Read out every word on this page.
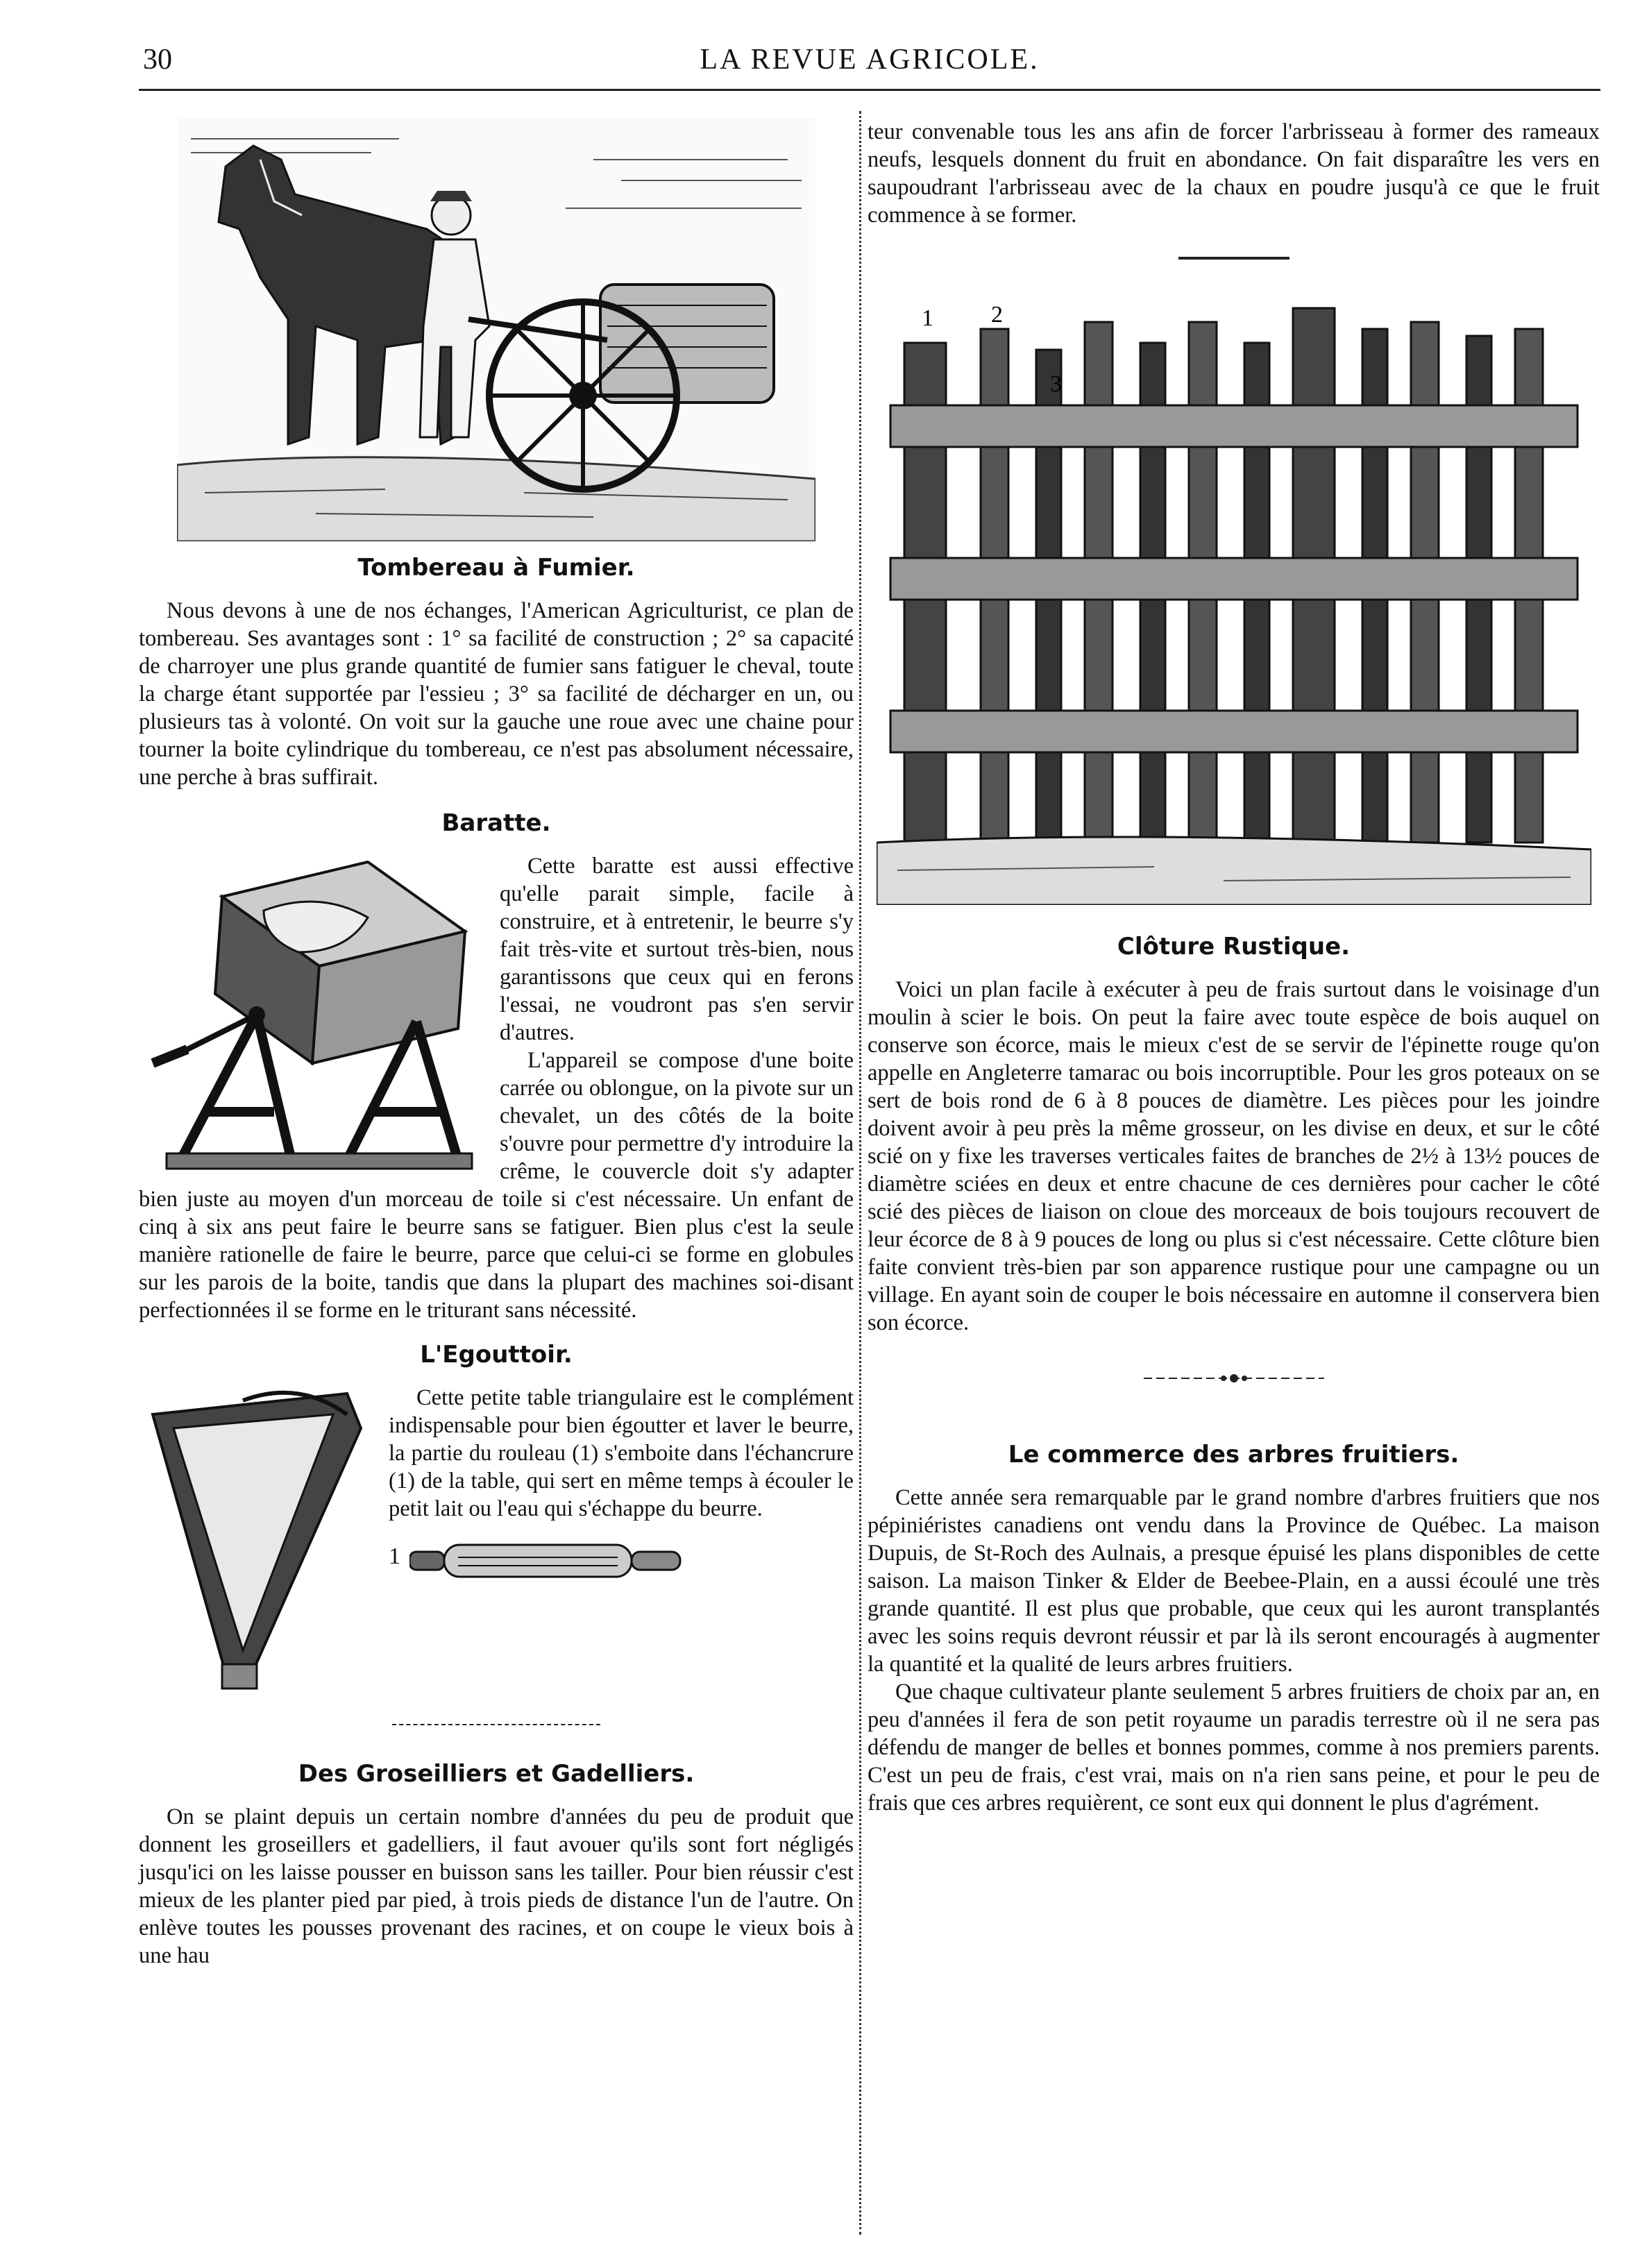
30	LA REVUE AGRICOLE.
Tombereau à Fumier.

Nous devons à une de nos échanges, l'American Agriculturist, ce plan de tombereau. Ses avantages sont : 1° sa facilité de construction ; 2° sa capacité de charroyer une plus grande quantité de fumier sans fatiguer le cheval, toute la charge étant supportée par l'essieu ; 3° sa facilité de décharger en un, ou plusieurs tas à volonté. On voit sur la gauche une roue avec une chaine pour tourner la boite cylindrique du tombereau, ce n'est pas absolument nécessaire, une perche à bras suffirait.

Baratte.

Cette baratte est aussi effective qu'elle parait simple, facile à construire, et à entretenir, le beurre s'y fait très-vite et surtout très-bien, nous garantissons que ceux qui en ferons l'essai, ne voudront pas s'en servir d'autres.

L'appareil se compose d'une boite carrée ou oblongue, on la pivote sur un chevalet, un des côtés de la boite s'ouvre pour permettre d'y introduire la crême, le couvercle doit s'y adapter bien juste au moyen d'un morceau de toile si c'est nécessaire. Un enfant de cinq à six ans peut faire le beurre sans se fatiguer. Bien plus c'est la seule manière rationelle de faire le beurre, parce que celui-ci se forme en globules sur les parois de la boite, tandis que dans la plupart des machines soi-disant perfectionnées il se forme en le triturant sans nécessité.

L'Egouttoir.

Cette petite table triangulaire est le complément indispensable pour bien égoutter et laver le beurre, la partie du rouleau (1) s'emboite dans l'échancrure (1) de la table, qui sert en même temps à écouler le petit lait ou l'eau qui s'échappe du beurre.

1
Des Groseilliers et Gadelliers.

On se plaint depuis un certain nombre d'années du peu de produit que donnent les groseillers et gadelliers, il faut avouer qu'ils sont fort négligés jusqu'ici on les laisse pousser en buisson sans les tailler. Pour bien réussir c'est mieux de les planter pied par pied, à trois pieds de distance l'un de l'autre. On enlève toutes les pousses provenant des racines, et on coupe le vieux bois à une hau

teur convenable tous les ans afin de forcer l'arbrisseau à former des rameaux neufs, lesquels donnent du fruit en abondance. On fait disparaître les vers en saupoudrant l'arbrisseau avec de la chaux en poudre jusqu'à ce que le fruit commence à se former.

1 2
3
Clôture Rustique.

Voici un plan facile à exécuter à peu de frais surtout dans le voisinage d'un moulin à scier le bois. On peut la faire avec toute espèce de bois auquel on conserve son écorce, mais le mieux c'est de se servir de l'épinette rouge qu'on appelle en Angleterre tamarac ou bois incorruptible. Pour les gros poteaux on se sert de bois rond de 6 à 8 pouces de diamètre. Les pièces pour les joindre doivent avoir à peu près la même grosseur, on les divise en deux, et sur le côté scié on y fixe les traverses verticales faites de branches de 2½ à 13½ pouces de diamètre sciées en deux et entre chacune de ces dernières pour cacher le côté scié des pièces de liaison on cloue des morceaux de bois toujours recouvert de leur écorce de 8 à 9 pouces de long ou plus si c'est nécessaire. Cette clôture bien faite convient très-bien par son apparence rustique pour une campagne ou un village. En ayant soin de couper le bois nécessaire en automne il conservera bien son écorce.

Le commerce des arbres fruitiers.

Cette année sera remarquable par le grand nombre d'arbres fruitiers que nos pépiniéristes canadiens ont vendu dans la Province de Québec. La maison Dupuis, de St-Roch des Aulnais, a presque épuisé les plans disponibles de cette saison. La maison Tinker & Elder de Beebee-Plain, en a aussi écoulé une très grande quantité. Il est plus que probable, que ceux qui les auront transplantés avec les soins requis devront réussir et par là ils seront encouragés à augmenter la quantité et la qualité de leurs arbres fruitiers.

Que chaque cultivateur plante seulement 5 arbres fruitiers de choix par an, en peu d'années il fera de son petit royaume un paradis terrestre où il ne sera pas défendu de manger de belles et bonnes pommes, comme à nos premiers parents. C'est un peu de frais, c'est vrai, mais on n'a rien sans peine, et pour le peu de frais que ces arbres requièrent, ce sont eux qui donnent le plus d'agrément.
